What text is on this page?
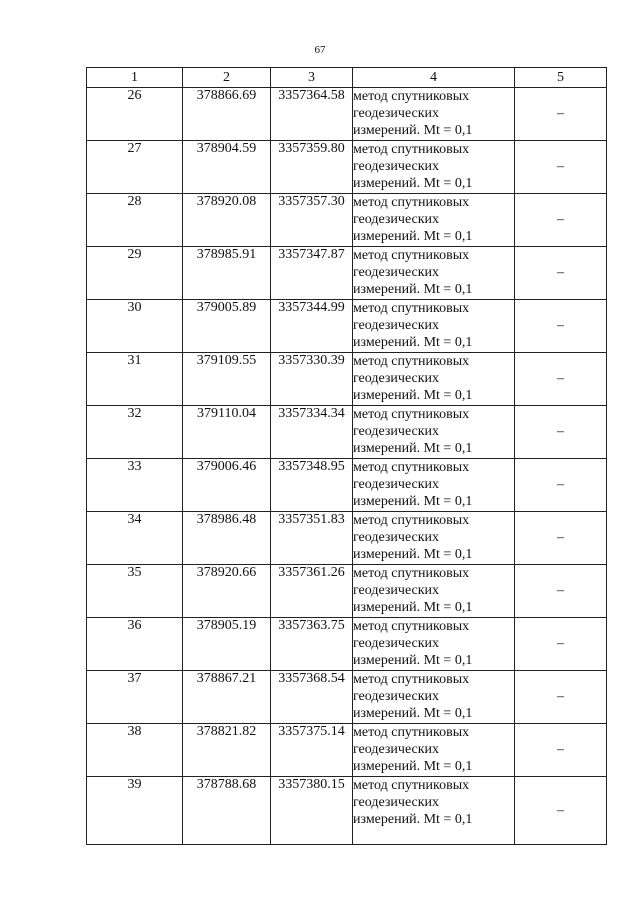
67
1	2	3	4	5
26	378866.69	3357364.58	метод спутниковых
геодезических
измерений. Mt = 0,1	–
27	378904.59	3357359.80	метод спутниковых
геодезических
измерений. Mt = 0,1	–
28	378920.08	3357357.30	метод спутниковых
геодезических
измерений. Mt = 0,1	–
29	378985.91	3357347.87	метод спутниковых
геодезических
измерений. Mt = 0,1	–
30	379005.89	3357344.99	метод спутниковых
геодезических
измерений. Mt = 0,1	–
31	379109.55	3357330.39	метод спутниковых
геодезических
измерений. Mt = 0,1	–
32	379110.04	3357334.34	метод спутниковых
геодезических
измерений. Mt = 0,1	–
33	379006.46	3357348.95	метод спутниковых
геодезических
измерений. Mt = 0,1	–
34	378986.48	3357351.83	метод спутниковых
геодезических
измерений. Mt = 0,1	–
35	378920.66	3357361.26	метод спутниковых
геодезических
измерений. Mt = 0,1	–
36	378905.19	3357363.75	метод спутниковых
геодезических
измерений. Mt = 0,1	–
37	378867.21	3357368.54	метод спутниковых
геодезических
измерений. Mt = 0,1	–
38	378821.82	3357375.14	метод спутниковых
геодезических
измерений. Mt = 0,1	–
39	378788.68	3357380.15	метод спутниковых
геодезических
измерений. Mt = 0,1	–
